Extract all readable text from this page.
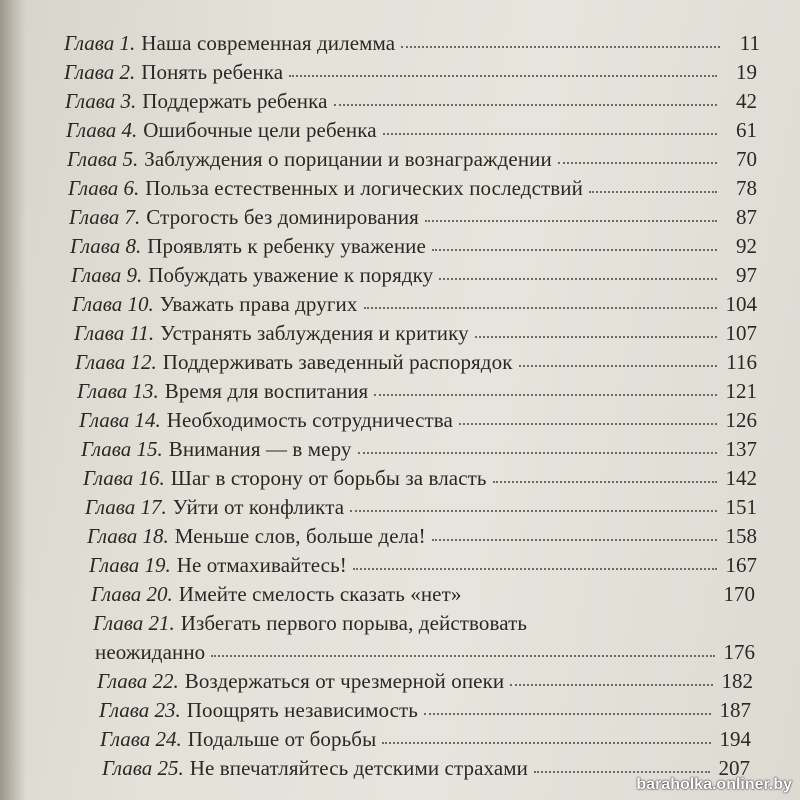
Глава 1. Наша современная дилемма	11
Глава 2. Понять ребенка	19
Глава 3. Поддержать ребенка	42
Глава 4. Ошибочные цели ребенка	61
Глава 5. Заблуждения о порицании и вознаграждении	70
Глава 6. Польза естественных и логических последствий	78
Глава 7. Строгость без доминирования	87
Глава 8. Проявлять к ребенку уважение	92
Глава 9. Побуждать уважение к порядку	97
Глава 10. Уважать права других	104
Глава 11. Устранять заблуждения и критику	107
Глава 12. Поддерживать заведенный распорядок	116
Глава 13. Время для воспитания	121
Глава 14. Необходимость сотрудничества	126
Глава 15. Внимания — в меру	137
Глава 16. Шаг в сторону от борьбы за власть	142
Глава 17. Уйти от конфликта	151
Глава 18. Меньше слов, больше дела!	158
Глава 19. Не отмахивайтесь!	167
Глава 20. Имейте смелость сказать «нет»	170
Глава 21. Избегать первого порыва, действовать
неожиданно	176
Глава 22. Воздержаться от чрезмерной опеки	182
Глава 23. Поощрять независимость	187
Глава 24. Подальше от борьбы	194
Глава 25. Не впечатляйтесь детскими страхами	207
baraholka.onliner.by
